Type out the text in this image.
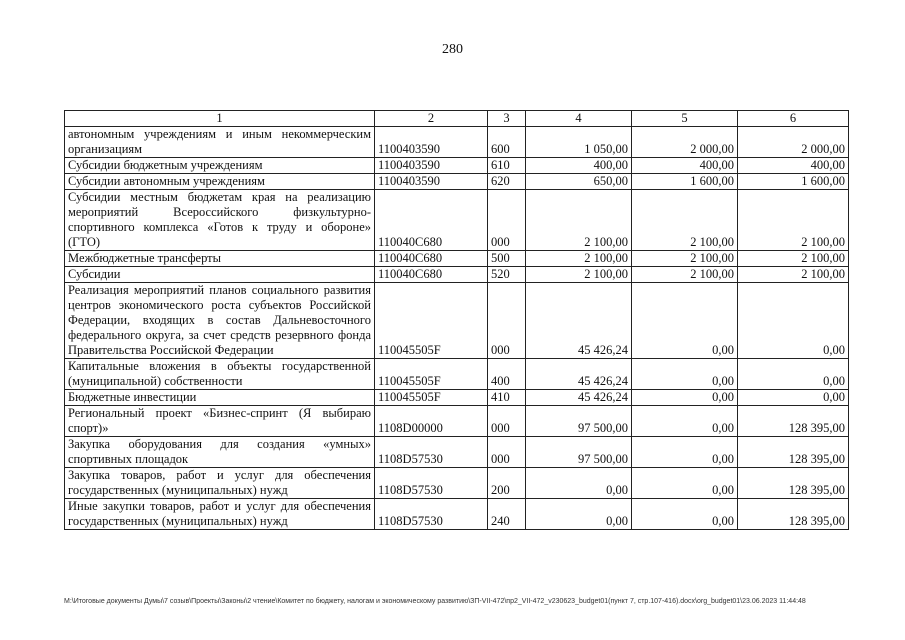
280
1	2	3	4	5	6
автономным учреждениям и иным некоммерческим организациям	1100403590	600	1 050,00	2 000,00	2 000,00
Субсидии бюджетным учреждениям	1100403590	610	400,00	400,00	400,00
Субсидии автономным учреждениям	1100403590	620	650,00	1 600,00	1 600,00
Субсидии местным бюджетам края на реализацию мероприятий Всероссийского физкультурно-спортивного комплекса «Готов к труду и обороне» (ГТО)	110040С680	000	2 100,00	2 100,00	2 100,00
Межбюджетные трансферты	110040С680	500	2 100,00	2 100,00	2 100,00
Субсидии	110040С680	520	2 100,00	2 100,00	2 100,00
Реализация мероприятий планов социального развития центров экономического роста субъектов Российской Федерации, входящих в состав Дальневосточного федерального округа, за счет средств резервного фонда Правительства Российской Федерации	110045505F	000	45 426,24	0,00	0,00
Капитальные вложения в объекты государственной (муниципальной) собственности	110045505F	400	45 426,24	0,00	0,00
Бюджетные инвестиции	110045505F	410	45 426,24	0,00	0,00
Региональный проект «Бизнес-спринт (Я выбираю спорт)»	1108D00000	000	97 500,00	0,00	128 395,00
Закупка оборудования для создания «умных» спортивных площадок	1108D57530	000	97 500,00	0,00	128 395,00
Закупка товаров, работ и услуг для обеспечения государственных (муниципальных) нужд	1108D57530	200	0,00	0,00	128 395,00
Иные закупки товаров, работ и услуг для обеспечения государственных (муниципальных) нужд	1108D57530	240	0,00	0,00	128 395,00
М:\Итоговые документы Думы\7 созыв\Проекты\Законы\2 чтение\Комитет по бюджету, налогам и экономическому развитию\ЗП-VII-472\пр2_VII-472_v230623_budget01(пункт 7, стр.107-416).docx\org_budget01\23.06.2023 11:44:48
